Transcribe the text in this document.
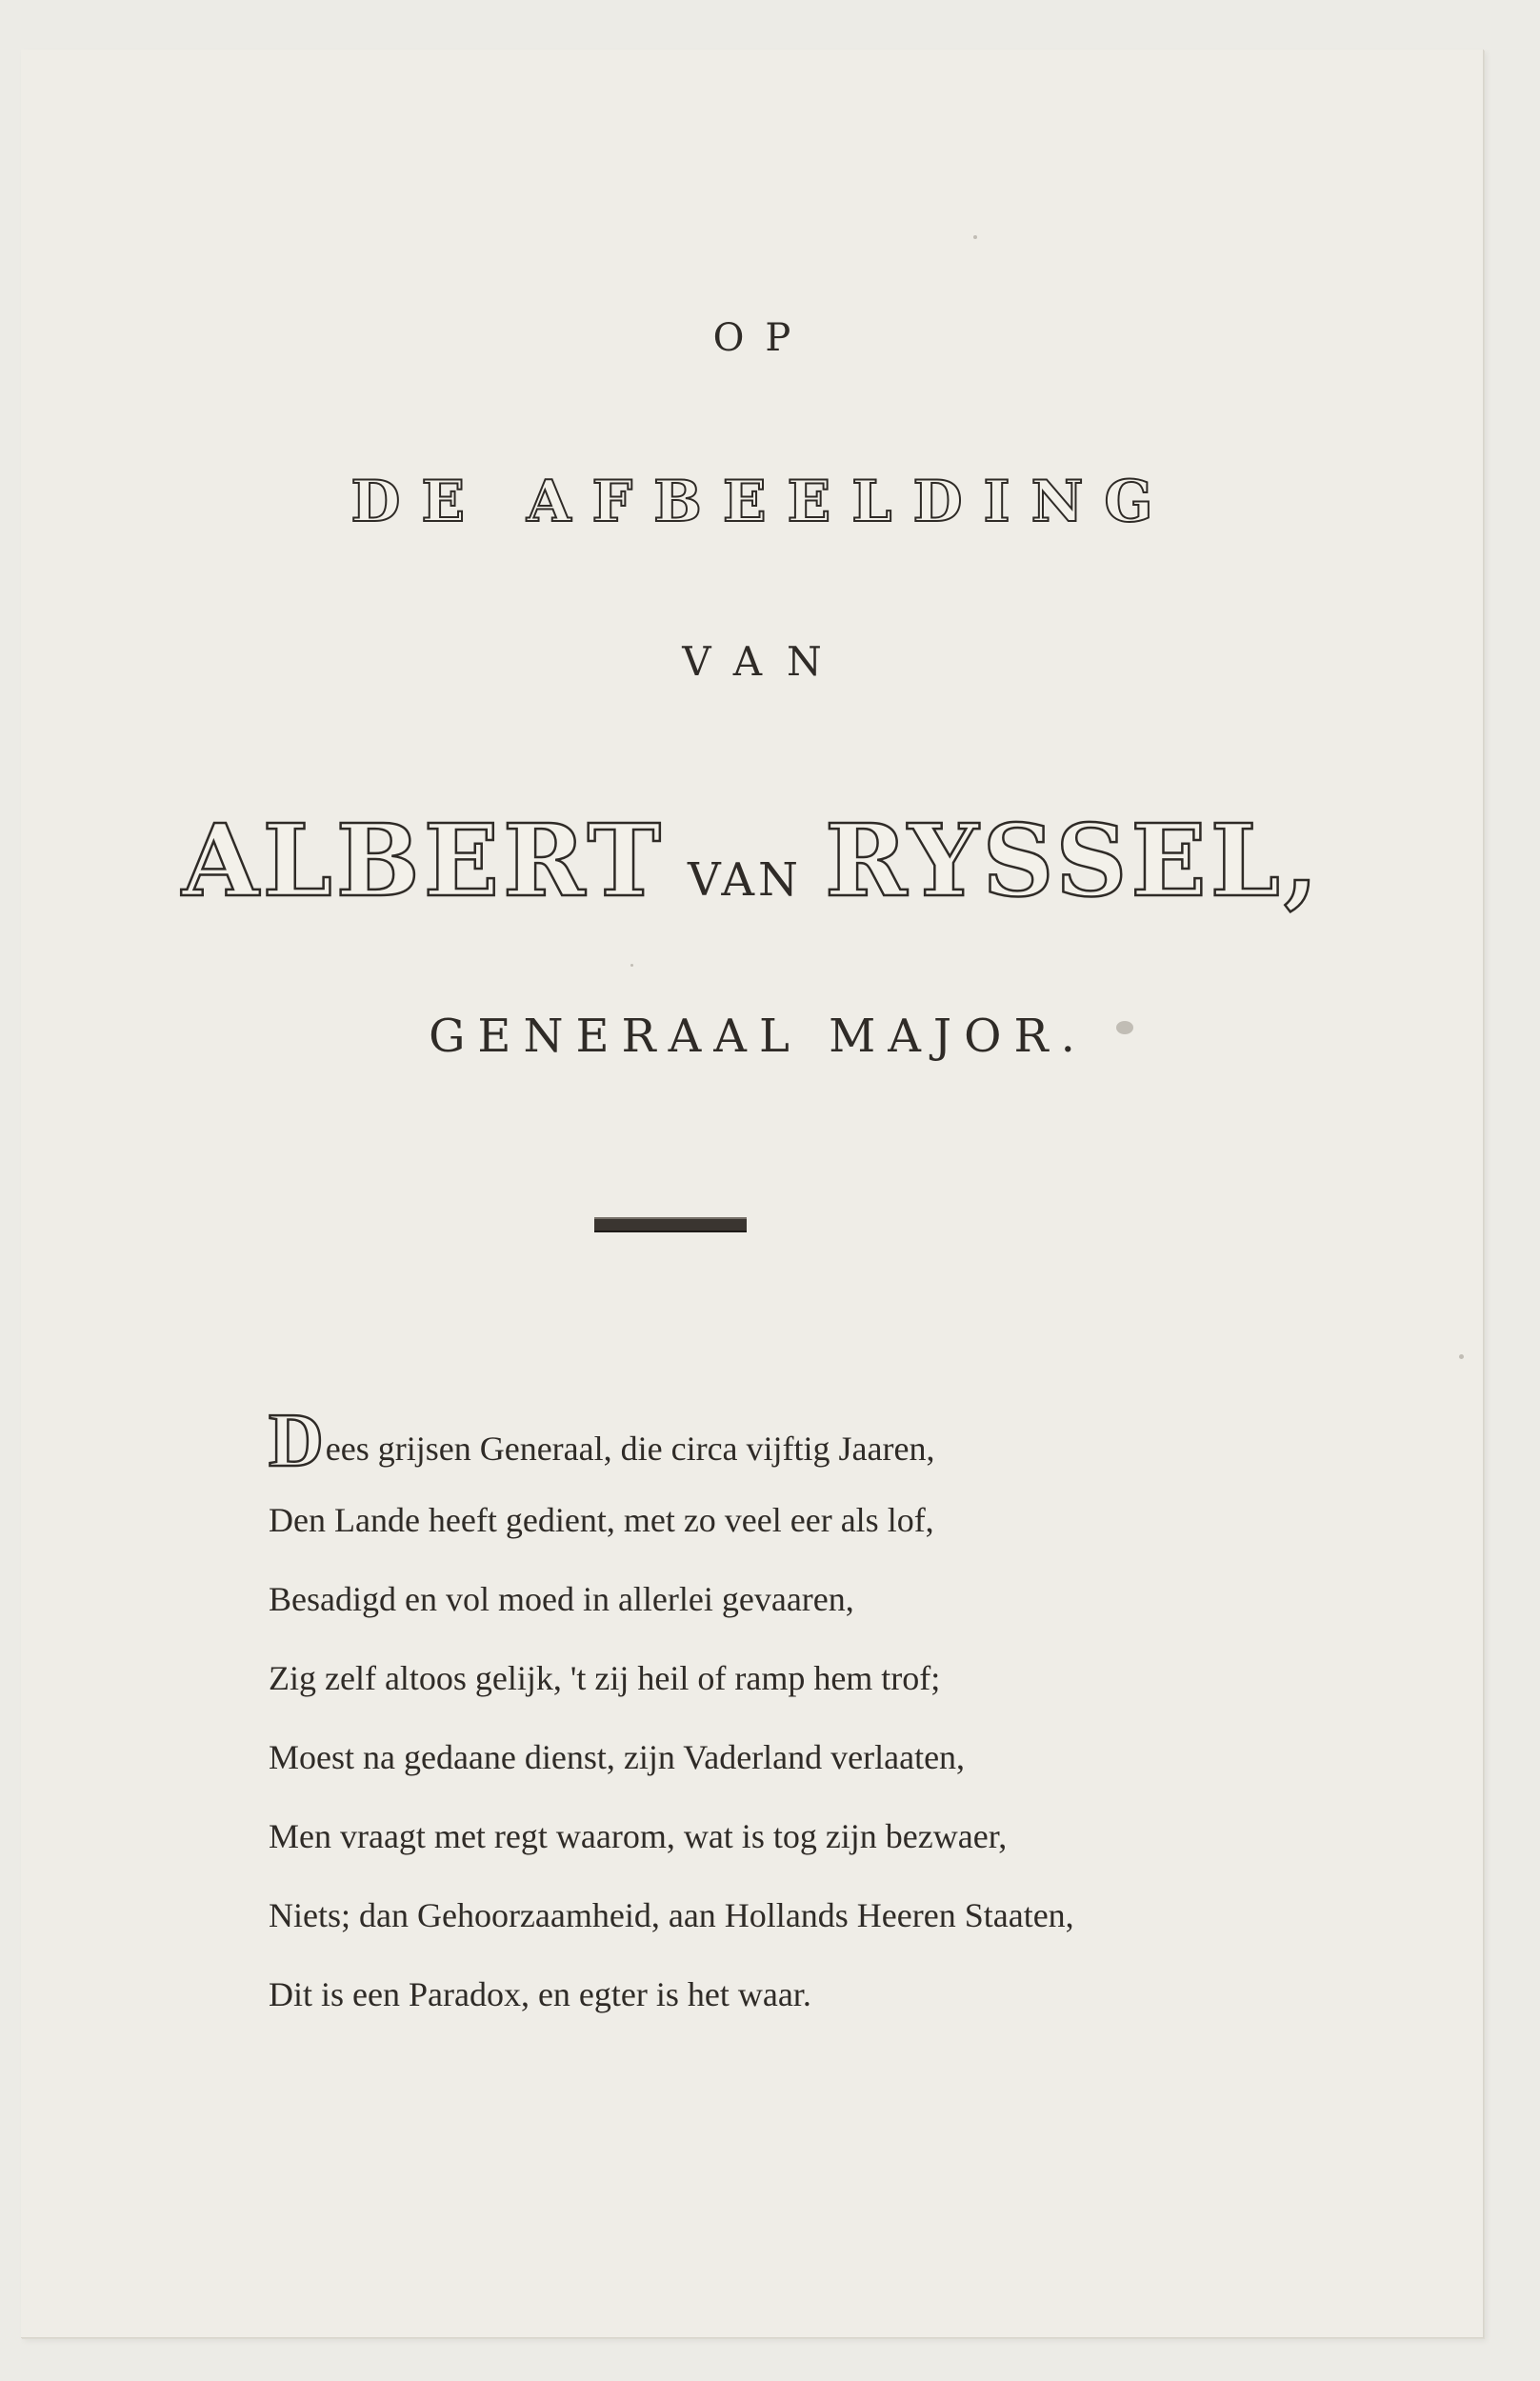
OP
DE AFBEELDING
VAN
ALBERT VAN RYSSEL,
GENERAAL MAJOR.
Dees grijsen Generaal, die circa vijftig Jaaren,
Den Lande heeft gedient, met zo veel eer als lof,
Besadigd en vol moed in allerlei gevaaren,
Zig zelf altoos gelijk, 't zij heil of ramp hem trof;
Moest na gedaane dienst, zijn Vaderland verlaaten,
Men vraagt met regt waarom, wat is tog zijn bezwaer,
Niets; dan Gehoorzaamheid, aan Hollands Heeren Staaten,
Dit is een Paradox, en egter is het waar.
